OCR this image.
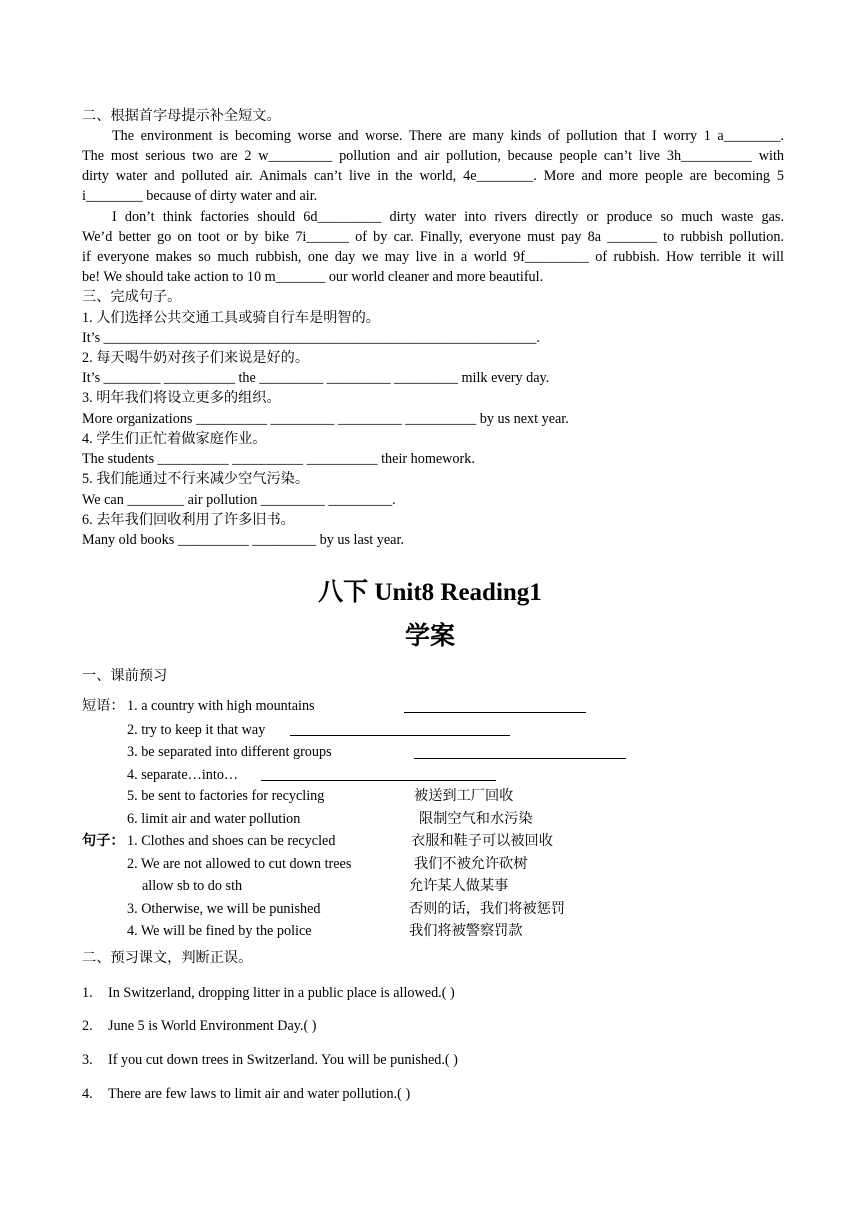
二、根据首字母提示补全短文。
The environment is becoming worse and worse. There are many kinds of pollution that I worry 1 a________.
The most serious two are 2 w_________ pollution and air pollution, because people can’t live 3h__________ with
dirty water and polluted air. Animals can’t live in the world, 4e________. More and more people are becoming 5
i________ because of dirty water and air.
I don’t think factories should 6d_________ dirty water into rivers directly or produce so much waste gas.
We’d better go on toot or by bike 7i______ of by car. Finally, everyone must pay 8a _______ to rubbish pollution.
if everyone makes so much rubbish, one day we may live in a world 9f_________ of rubbish. How terrible it will
be! We should take action to 10 m_______ our world cleaner and more beautiful.
三、完成句子。
1. 人们选择公共交通工具或骑自行车是明智的。
It’s _____________________________________________________________.
2. 每天喝牛奶对孩子们来说是好的。
It’s ________ __________ the _________ _________ _________ milk every day.
3. 明年我们将设立更多的组织。
More organizations __________ _________ _________ __________ by us next year.
4. 学生们正忙着做家庭作业。
The students __________ __________ __________ their homework.
5. 我们能通过不行来减少空气污染。
We can ________ air pollution _________ _________.
6. 去年我们回收利用了许多旧书。
Many old books __________ _________ by us last year.
八下 Unit8 Reading1
学案
一、课前预习
短语： 1. a country with high mountains
2. try to keep it that way
3. be separated into different groups
4. separate…into…
5. be sent to factories for recycling	被送到工厂回收
6. limit air and water pollution	限制空气和水污染
句子： 1. Clothes and shoes can be recycled	衣服和鞋子可以被回收
2. We are not allowed to cut down trees	我们不被允许砍树
allow sb to do sth	允许某人做某事
3. Otherwise, we will be punished	否则的话，我们将被惩罚
4. We will be fined by the police	我们将被警察罚款
二、预习课文，判断正误。
1. In Switzerland, dropping litter in a public place is allowed.( )
2. June 5 is World Environment Day.( )
3. If you cut down trees in Switzerland. You will be punished.( )
4. There are few laws to limit air and water pollution.( )
